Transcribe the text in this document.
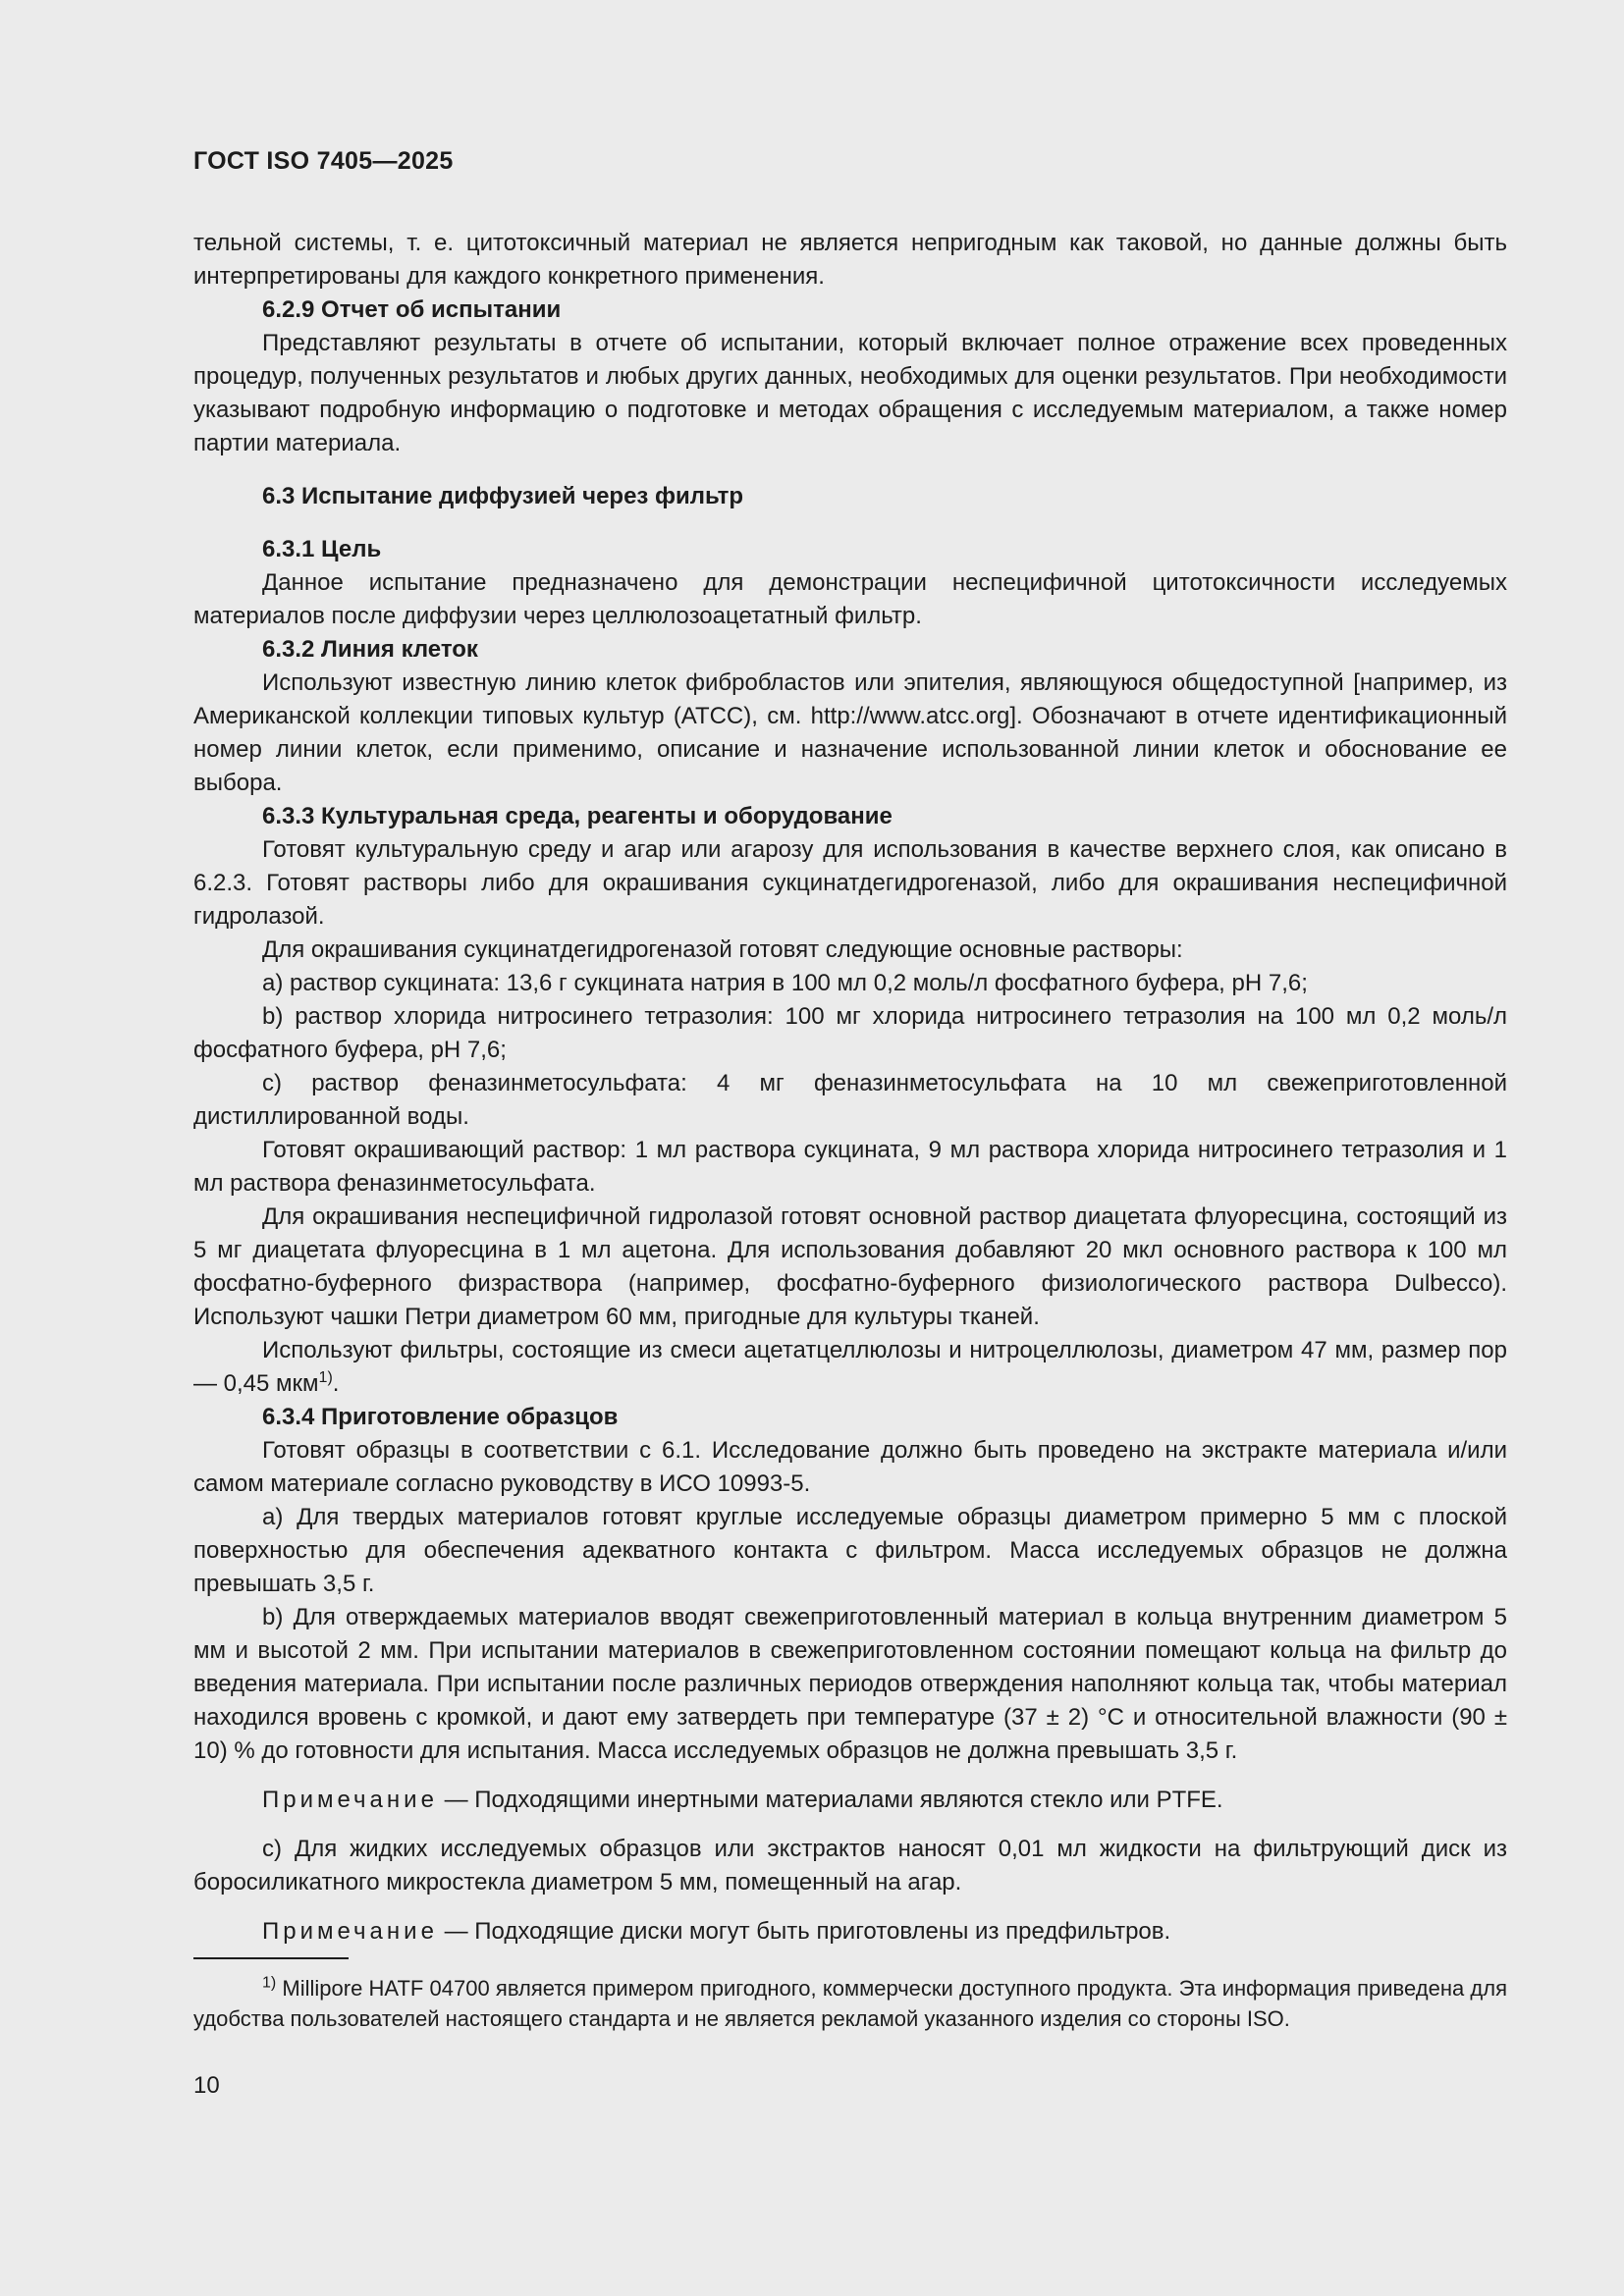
ГОСТ ISO 7405—2025

тельной системы, т. е. цитотоксичный материал не является непригодным как таковой, но данные должны быть интерпретированы для каждого конкретного применения.

6.2.9 Отчет об испытании

Представляют результаты в отчете об испытании, который включает полное отражение всех проведенных процедур, полученных результатов и любых других данных, необходимых для оценки результатов. При необходимости указывают подробную информацию о подготовке и методах обращения с исследуемым материалом, а также номер партии материала.

6.3 Испытание диффузией через фильтр

6.3.1 Цель

Данное испытание предназначено для демонстрации неспецифичной цитотоксичности исследуемых материалов после диффузии через целлюлозоацетатный фильтр.

6.3.2 Линия клеток

Используют известную линию клеток фибробластов или эпителия, являющуюся общедоступной [например, из Американской коллекции типовых культур (АТСС), см. http://www.atcc.org]. Обозначают в отчете идентификационный номер линии клеток, если применимо, описание и назначение использованной линии клеток и обоснование ее выбора.

6.3.3 Культуральная среда, реагенты и оборудование

Готовят культуральную среду и агар или агарозу для использования в качестве верхнего слоя, как описано в 6.2.3. Готовят растворы либо для окрашивания сукцинатдегидрогеназой, либо для окрашивания неспецифичной гидролазой.

Для окрашивания сукцинатдегидрогеназой готовят следующие основные растворы:

a) раствор сукцината: 13,6 г сукцината натрия в 100 мл 0,2 моль/л фосфатного буфера, pH 7,6;

b) раствор хлорида нитросинего тетразолия: 100 мг хлорида нитросинего тетразолия на 100 мл 0,2 моль/л фосфатного буфера, pH 7,6;

c) раствор феназинметосульфата: 4 мг феназинметосульфата на 10 мл свежеприготовленной дистиллированной воды.

Готовят окрашивающий раствор: 1 мл раствора сукцината, 9 мл раствора хлорида нитросинего тетразолия и 1 мл раствора феназинметосульфата.

Для окрашивания неспецифичной гидролазой готовят основной раствор диацетата флуоресцина, состоящий из 5 мг диацетата флуоресцина в 1 мл ацетона. Для использования добавляют 20 мкл основного раствора к 100 мл фосфатно-буферного физраствора (например, фосфатно-буферного физиологического раствора Dulbecco). Используют чашки Петри диаметром 60 мм, пригодные для культуры тканей.

Используют фильтры, состоящие из смеси ацетатцеллюлозы и нитроцеллюлозы, диаметром 47 мм, размер пор — 0,45 мкм$^{1)}$.

6.3.4 Приготовление образцов

Готовят образцы в соответствии с 6.1. Исследование должно быть проведено на экстракте материала и/или самом материале согласно руководству в ИСО 10993-5.

a) Для твердых материалов готовят круглые исследуемые образцы диаметром примерно 5 мм с плоской поверхностью для обеспечения адекватного контакта с фильтром. Масса исследуемых образцов не должна превышать 3,5 г.

b) Для отверждаемых материалов вводят свежеприготовленный материал в кольца внутренним диаметром 5 мм и высотой 2 мм. При испытании материалов в свежеприготовленном состоянии помещают кольца на фильтр до введения материала. При испытании после различных периодов отверждения наполняют кольца так, чтобы материал находился вровень с кромкой, и дают ему затвердеть при температуре (37 ± 2) °С и относительной влажности (90 ± 10) % до готовности для испытания. Масса исследуемых образцов не должна превышать 3,5 г.

Примечание — Подходящими инертными материалами являются стекло или PTFE.

c) Для жидких исследуемых образцов или экстрактов наносят 0,01 мл жидкости на фильтрующий диск из боросиликатного микростекла диаметром 5 мм, помещенный на агар.

Примечание — Подходящие диски могут быть приготовлены из предфильтров.

$^{1)}$ Millipore HATF 04700 является примером пригодного, коммерчески доступного продукта. Эта информация приведена для удобства пользователей настоящего стандарта и не является рекламой указанного изделия со стороны ISO.

10
